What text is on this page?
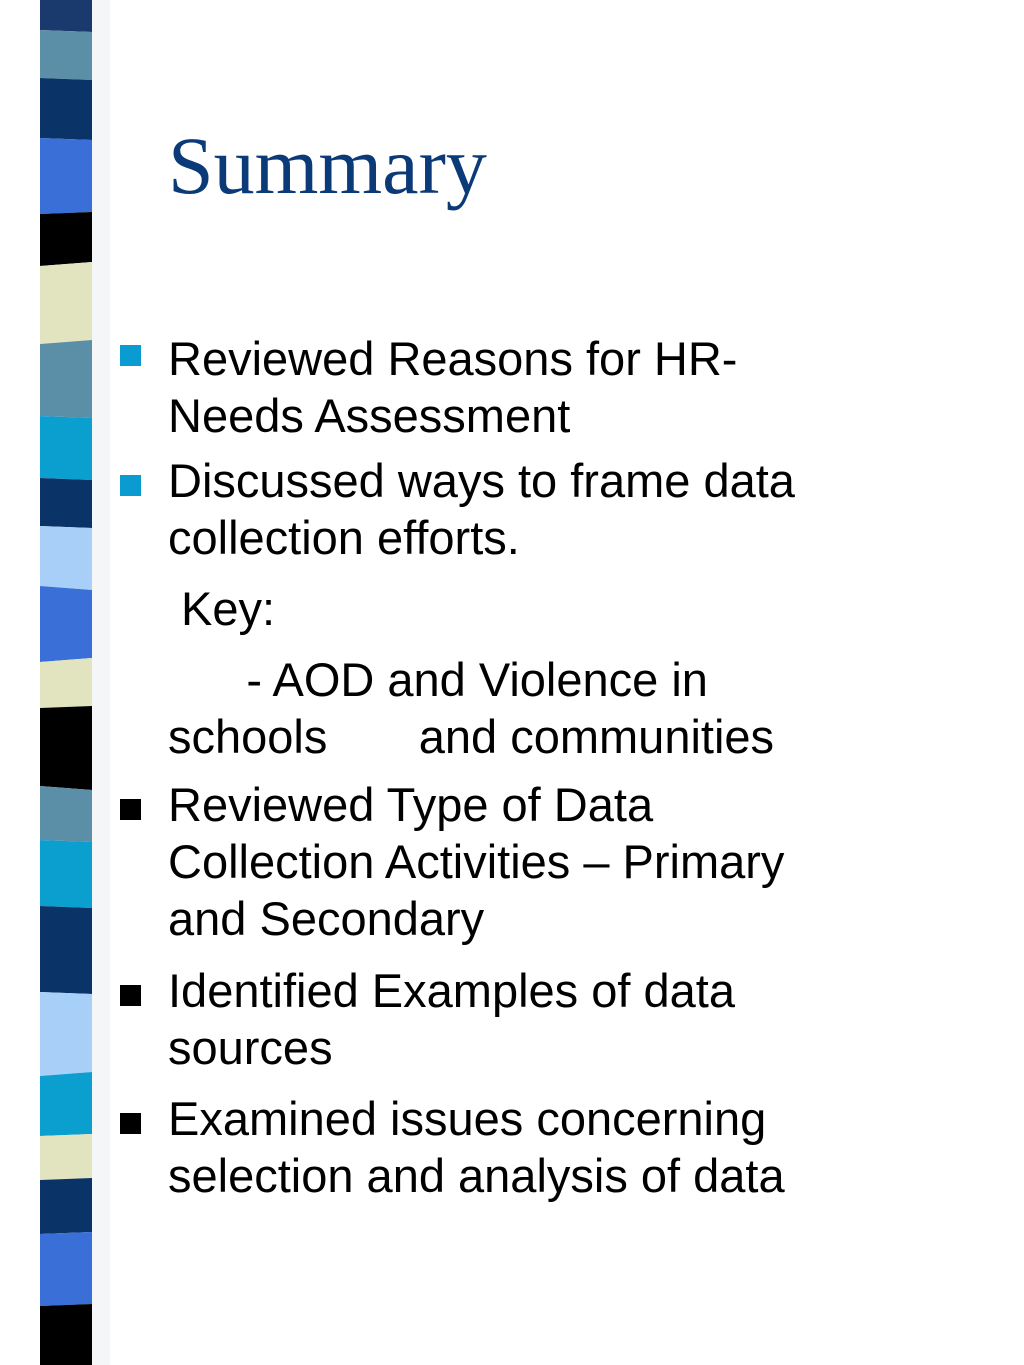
Summary

Reviewed Reasons for HR-
Needs Assessment

Discussed ways to frame data
collection efforts.
Key:
- AOD and Violence in
schools       and communities

Reviewed Type of Data
Collection Activities – Primary
and Secondary

Identified Examples of data
sources

Examined issues concerning
selection and analysis of data
